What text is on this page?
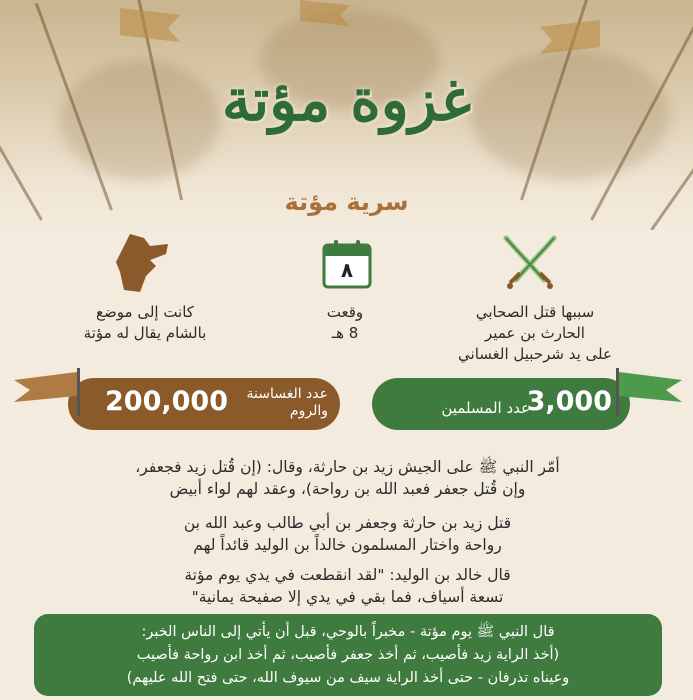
غزوة مؤتة
سرية مؤتة
سببها قتل الصحابي
الحارث بن عمير
على يد شرحبيل الغساني
٨
وقعت
8 هـ
كانت إلى موضع
بالشام يقال له مؤتة
عدد المسلمين
3,000
200,000 عدد الغساسنة
والروم
أمّر النبي ﷺ على الجيش زيد بن حارثة، وقال: (إن قُتل زيد فجعفر،
وإن قُتل جعفر فعبد الله بن رواحة)، وعقد لهم لواء أبيض
قتل زيد بن حارثة وجعفر بن أبي طالب وعبد الله بن
رواحة واختار المسلمون خالداً بن الوليد قائداً لهم
قال خالد بن الوليد: "لقد انقطعت في يدي يوم مؤتة
تسعة أسياف، فما بقي في يدي إلا صفيحة يمانية"

قال النبي ﷺ يوم مؤتة - مخبراً بالوحي، قبل أن يأتي إلى الناس الخبر:
(أخذ الراية زيد فأصيب، ثم أخذ جعفر فأصيب، ثم أخذ ابن رواحة فأصيب
وعيناه تذرفان - حتى أخذ الراية سيف من سيوف الله، حتى فتح الله عليهم)
